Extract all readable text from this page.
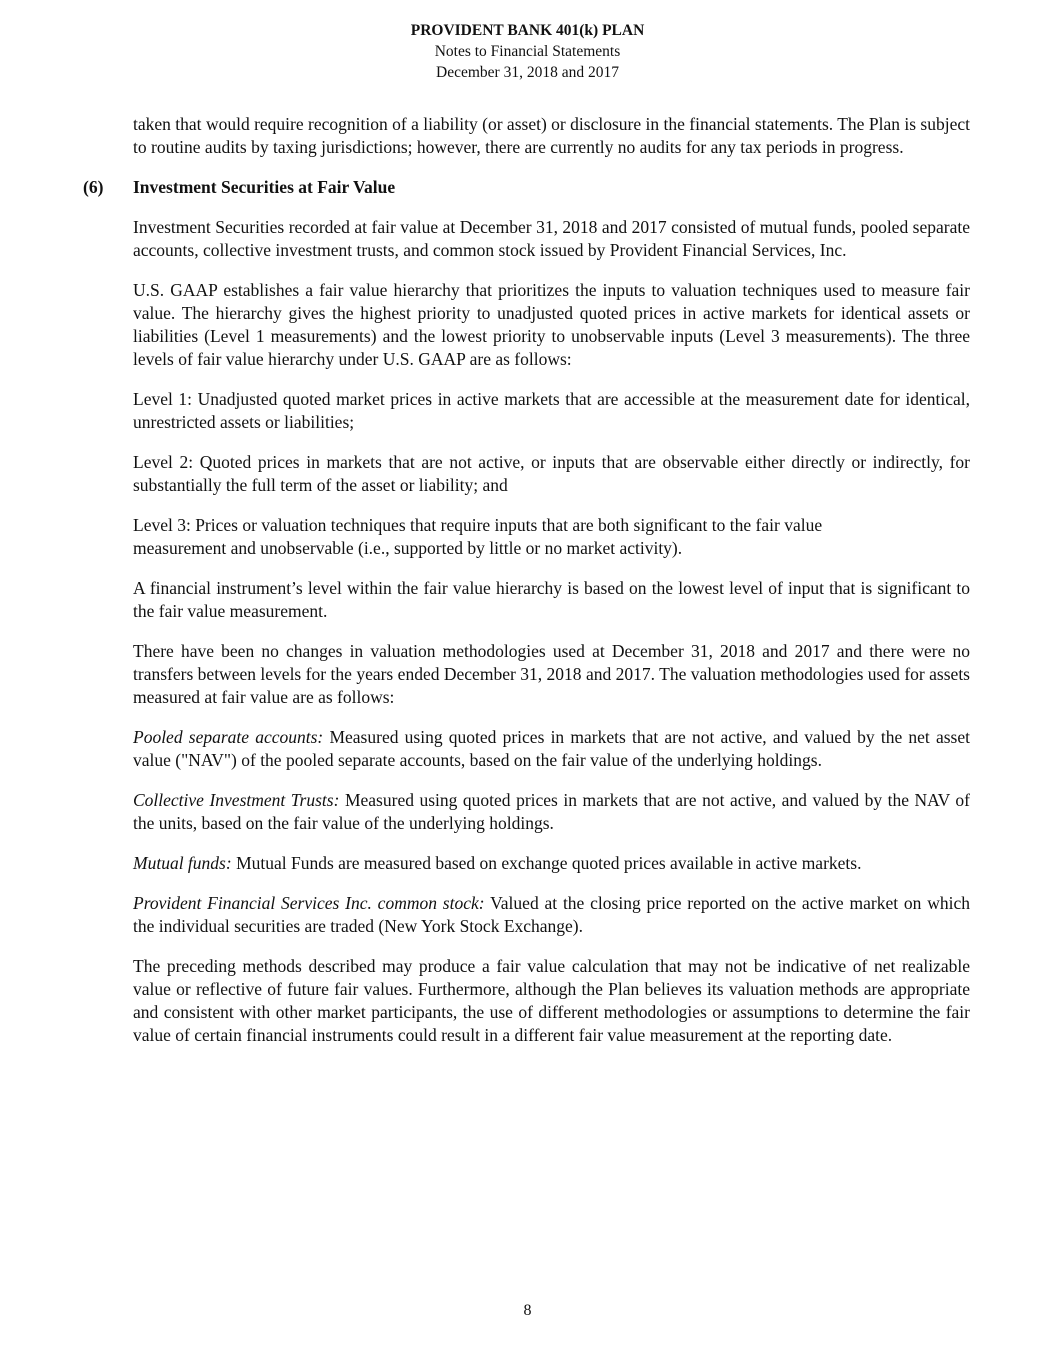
PROVIDENT BANK 401(k) PLAN
Notes to Financial Statements
December 31, 2018 and 2017

taken that would require recognition of a liability (or asset) or disclosure in the financial statements. The Plan is subject to routine audits by taxing jurisdictions; however, there are currently no audits for any tax periods in progress.

(6) Investment Securities at Fair Value

Investment Securities recorded at fair value at December 31, 2018 and 2017 consisted of mutual funds, pooled separate accounts, collective investment trusts, and common stock issued by Provident Financial Services, Inc.

U.S. GAAP establishes a fair value hierarchy that prioritizes the inputs to valuation techniques used to measure fair value. The hierarchy gives the highest priority to unadjusted quoted prices in active markets for identical assets or liabilities (Level 1 measurements) and the lowest priority to unobservable inputs (Level 3 measurements). The three levels of fair value hierarchy under U.S. GAAP are as follows:

Level 1: Unadjusted quoted market prices in active markets that are accessible at the measurement date for identical, unrestricted assets or liabilities;

Level 2: Quoted prices in markets that are not active, or inputs that are observable either directly or indirectly, for substantially the full term of the asset or liability; and

Level 3: Prices or valuation techniques that require inputs that are both significant to the fair value measurement and unobservable (i.e., supported by little or no market activity).

A financial instrument’s level within the fair value hierarchy is based on the lowest level of input that is significant to the fair value measurement.

There have been no changes in valuation methodologies used at December 31, 2018 and 2017 and there were no transfers between levels for the years ended December 31, 2018 and 2017. The valuation methodologies used for assets measured at fair value are as follows:

Pooled separate accounts: Measured using quoted prices in markets that are not active, and valued by the net asset value ("NAV") of the pooled separate accounts, based on the fair value of the underlying holdings.

Collective Investment Trusts: Measured using quoted prices in markets that are not active, and valued by the NAV of the units, based on the fair value of the underlying holdings.

Mutual funds: Mutual Funds are measured based on exchange quoted prices available in active markets.

Provident Financial Services Inc. common stock: Valued at the closing price reported on the active market on which the individual securities are traded (New York Stock Exchange).

The preceding methods described may produce a fair value calculation that may not be indicative of net realizable value or reflective of future fair values. Furthermore, although the Plan believes its valuation methods are appropriate and consistent with other market participants, the use of different methodologies or assumptions to determine the fair value of certain financial instruments could result in a different fair value measurement at the reporting date.

8
